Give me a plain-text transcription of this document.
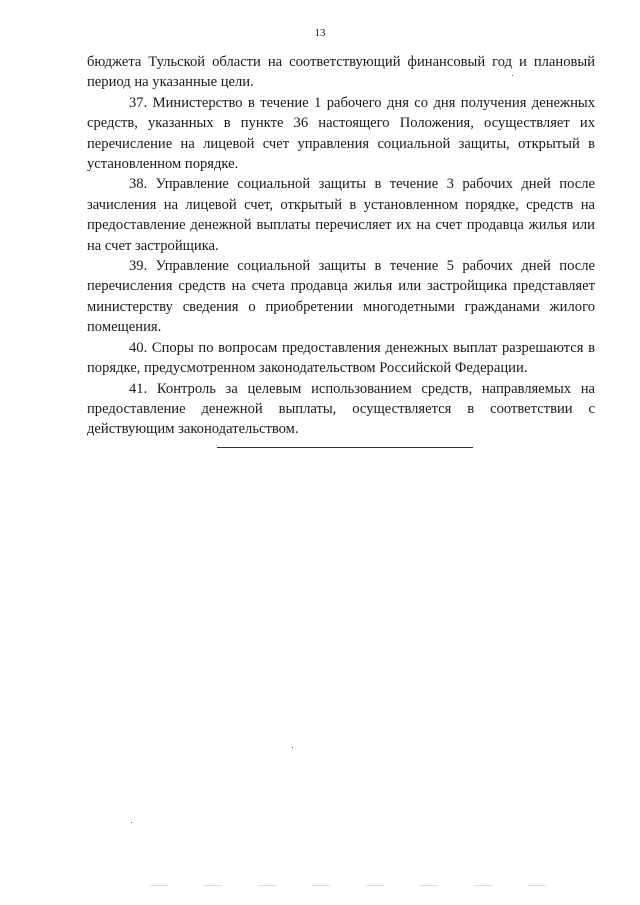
13

бюджета Тульской области на соответствующий финансовый год и плановый период на указанные цели.

37. Министерство в течение 1 рабочего дня со дня получения денежных средств, указанных в пункте 36 настоящего Положения, осуществляет их перечисление на лицевой счет управления социальной защиты, открытый в установленном порядке.

38. Управление социальной защиты в течение 3 рабочих дней после зачисления на лицевой счет, открытый в установленном порядке, средств на предоставление денежной выплаты перечисляет их на счет продавца жилья или на счет застройщика.

39. Управление социальной защиты в течение 5 рабочих дней после перечисления средств на счета продавца жилья или застройщика представляет министерству сведения о приобретении многодетными гражданами жилого помещения.

40. Споры по вопросам предоставления денежных выплат разрешаются в порядке, предусмотренном законодательством Российской Федерации.

41. Контроль за целевым использованием средств, направляемых на предоставление денежной выплаты, осуществляется в соответствии с действующим законодательством.
